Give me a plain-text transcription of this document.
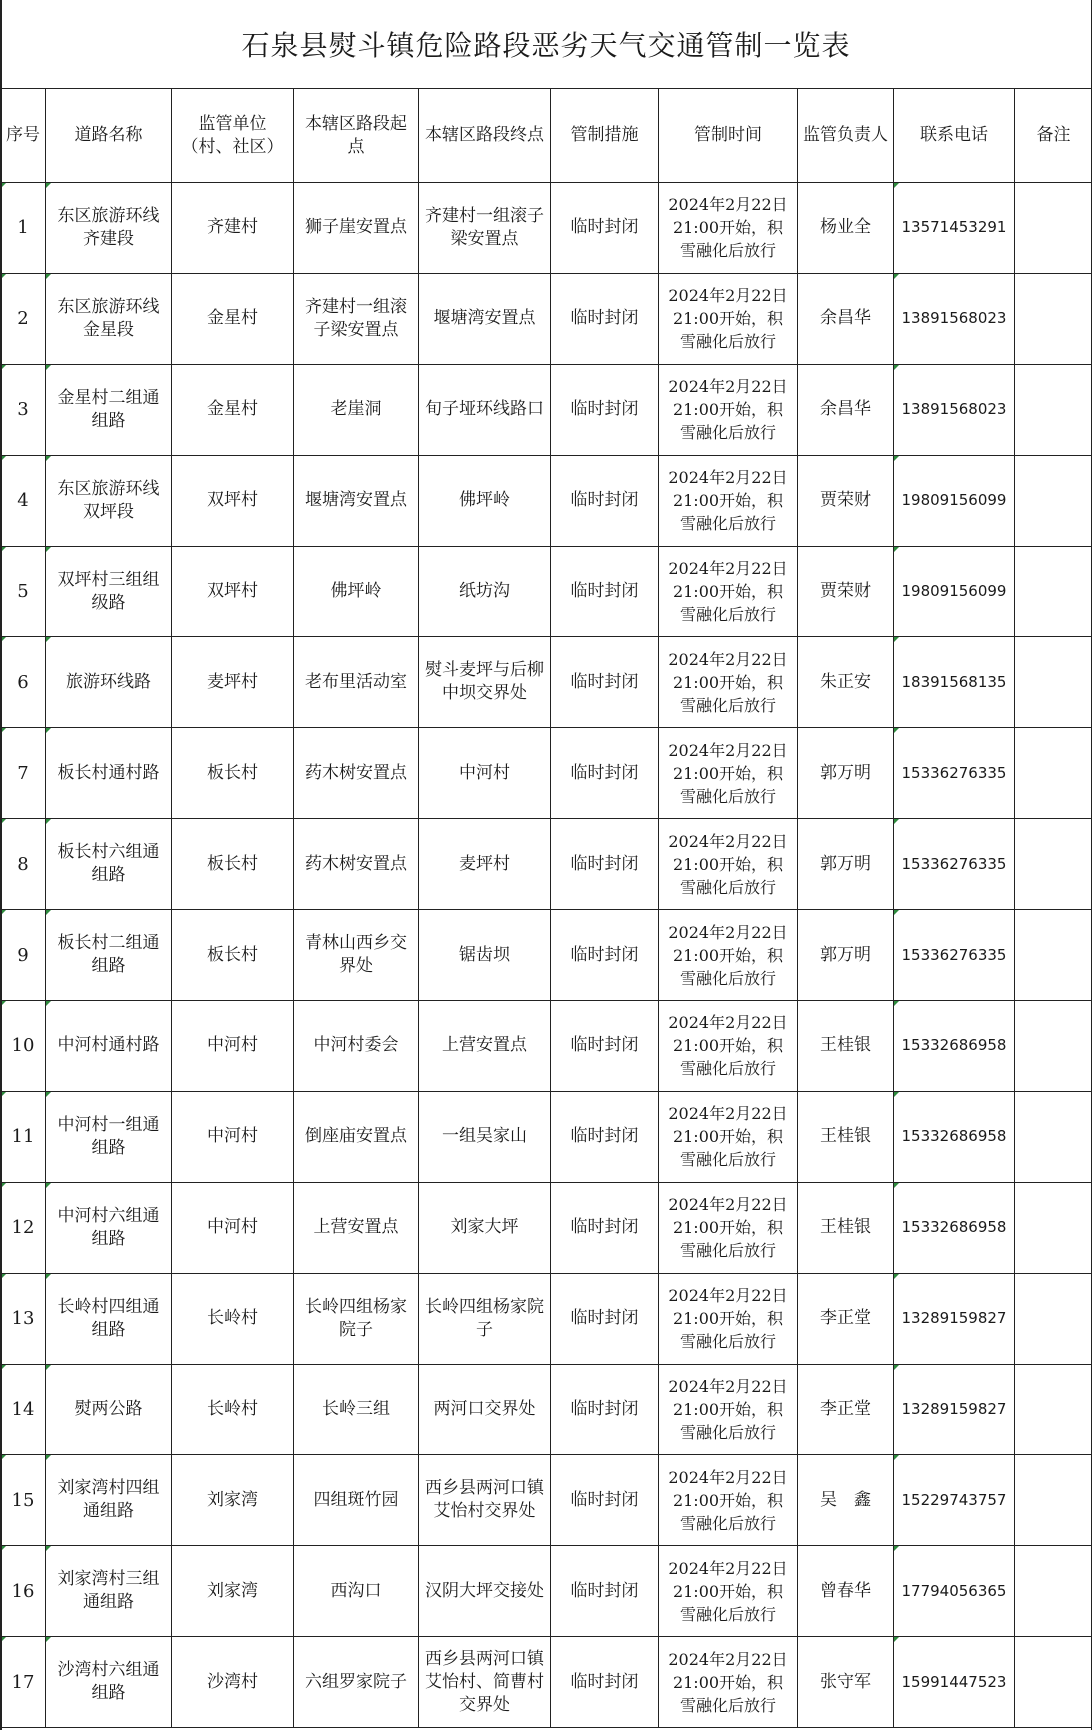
石泉县熨斗镇危险路段恶劣天气交通管制一览表
序号	道路名称	监管单位（村、社区）	本辖区路段起点	本辖区路段终点	管制措施	管制时间	监管负责人	联系电话	备注
1	东区旅游环线齐建段	齐建村	狮子崖安置点	齐建村一组滚子梁安置点	临时封闭	2024年2月22日21:00开始，积雪融化后放行	杨业全	13571453291	
2	东区旅游环线金星段	金星村	齐建村一组滚子梁安置点	堰塘湾安置点	临时封闭	2024年2月22日21:00开始，积雪融化后放行	余昌华	13891568023	
3	金星村二组通组路	金星村	老崖洞	旬子垭环线路口	临时封闭	2024年2月22日21:00开始，积雪融化后放行	余昌华	13891568023	
4	东区旅游环线双坪段	双坪村	堰塘湾安置点	佛坪岭	临时封闭	2024年2月22日21:00开始，积雪融化后放行	贾荣财	19809156099	
5	双坪村三组组级路	双坪村	佛坪岭	纸坊沟	临时封闭	2024年2月22日21:00开始，积雪融化后放行	贾荣财	19809156099	
6	旅游环线路	麦坪村	老布里活动室	熨斗麦坪与后柳中坝交界处	临时封闭	2024年2月22日21:00开始，积雪融化后放行	朱正安	18391568135	
7	板长村通村路	板长村	药木树安置点	中河村	临时封闭	2024年2月22日21:00开始，积雪融化后放行	郭万明	15336276335	
8	板长村六组通组路	板长村	药木树安置点	麦坪村	临时封闭	2024年2月22日21:00开始，积雪融化后放行	郭万明	15336276335	
9	板长村二组通组路	板长村	青林山西乡交界处	锯齿坝	临时封闭	2024年2月22日21:00开始，积雪融化后放行	郭万明	15336276335	
10	中河村通村路	中河村	中河村委会	上营安置点	临时封闭	2024年2月22日21:00开始，积雪融化后放行	王桂银	15332686958	
11	中河村一组通组路	中河村	倒座庙安置点	一组吴家山	临时封闭	2024年2月22日21:00开始，积雪融化后放行	王桂银	15332686958	
12	中河村六组通组路	中河村	上营安置点	刘家大坪	临时封闭	2024年2月22日21:00开始，积雪融化后放行	王桂银	15332686958	
13	长岭村四组通组路	长岭村	长岭四组杨家院子	长岭四组杨家院子	临时封闭	2024年2月22日21:00开始，积雪融化后放行	李正堂	13289159827	
14	熨两公路	长岭村	长岭三组	两河口交界处	临时封闭	2024年2月22日21:00开始，积雪融化后放行	李正堂	13289159827	
15	刘家湾村四组通组路	刘家湾	四组斑竹园	西乡县两河口镇艾怡村交界处	临时封闭	2024年2月22日21:00开始，积雪融化后放行	吴　鑫	15229743757	
16	刘家湾村三组通组路	刘家湾	西沟口	汉阴大坪交接处	临时封闭	2024年2月22日21:00开始，积雪融化后放行	曾春华	17794056365	
17	沙湾村六组通组路	沙湾村	六组罗家院子	西乡县两河口镇艾怡村、简曹村交界处	临时封闭	2024年2月22日21:00开始，积雪融化后放行	张守军	15991447523	
